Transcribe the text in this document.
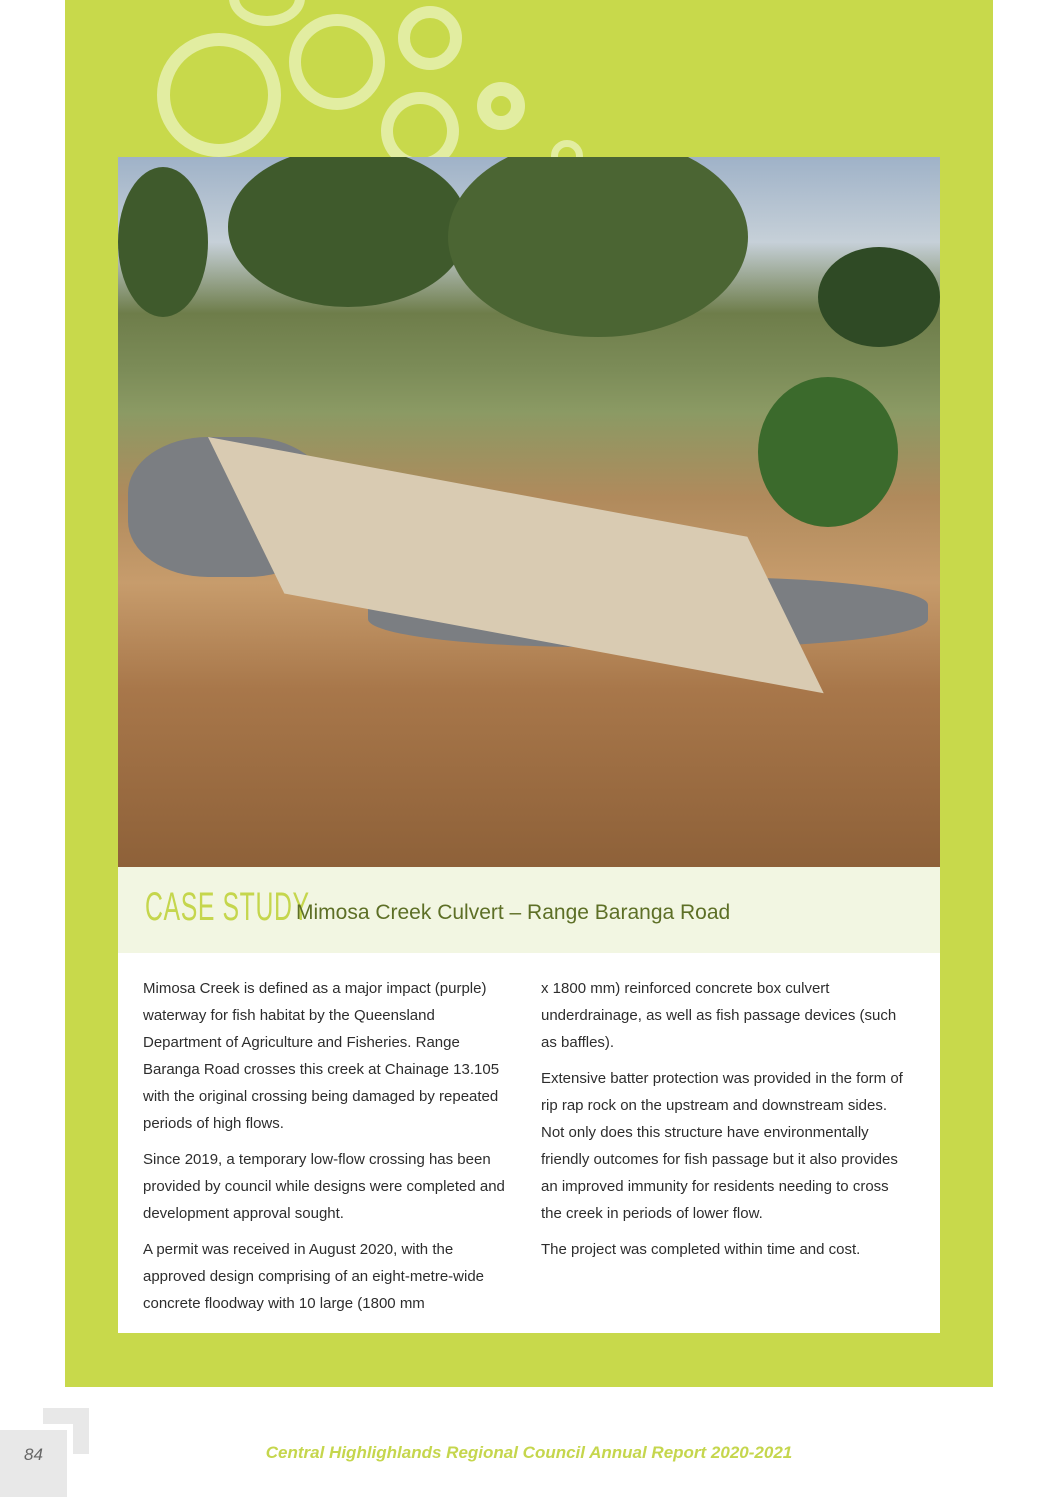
CASE STUDY
Mimosa Creek Culvert – Range Baranga Road

Mimosa Creek is defined as a major impact (purple) waterway for fish habitat by the Queensland Department of Agriculture and Fisheries. Range Baranga Road crosses this creek at Chainage 13.105 with the original crossing being damaged by repeated periods of high flows.

Since 2019, a temporary low-flow crossing has been provided by council while designs were completed and development approval sought.

A permit was received in August 2020, with the approved design comprising of an eight-metre-wide concrete floodway with 10 large (1800 mm

x 1800 mm) reinforced concrete box culvert underdrainage, as well as fish passage devices (such as baffles).

Extensive batter protection was provided in the form of rip rap rock on the upstream and downstream sides. Not only does this structure have environmentally friendly outcomes for fish passage but it also provides an improved immunity for residents needing to cross the creek in periods of lower flow.

The project was completed within time and cost.

84	Central Highlighlands Regional Council Annual Report 2020-2021
